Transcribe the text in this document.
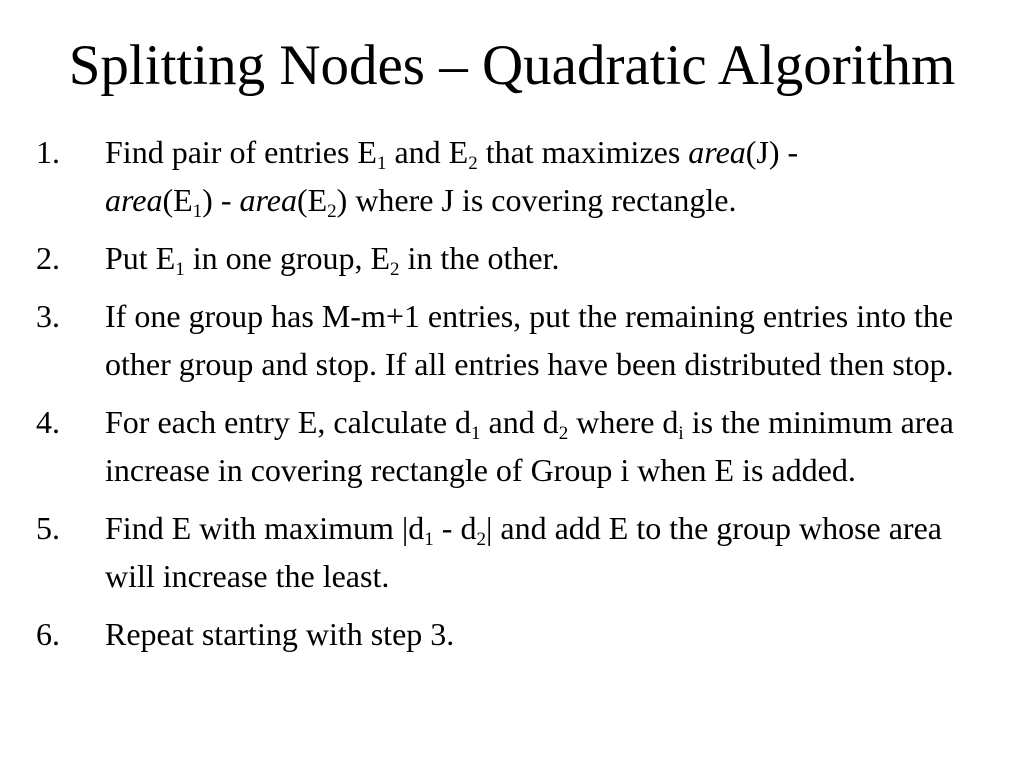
Splitting Nodes – Quadratic Algorithm
1. Find pair of entries $E_1$ and $E_2$ that maximizes area(J) -
$area(E_1)$ - $area(E_2)$ where J is covering rectangle.
2. Put $E_1$ in one group, $E_2$ in the other.
3. If one group has M-m+1 entries, put the remaining entries into the other group and stop. If all entries have been distributed then stop.
4. For each entry E, calculate $d_1$ and $d_2$ where $d_i$ is the minimum area increase in covering rectangle of Group i when E is added.
5. Find E with maximum $|d_1 - d_2|$ and add E to the group whose area will increase the least.
6. Repeat starting with step 3.
